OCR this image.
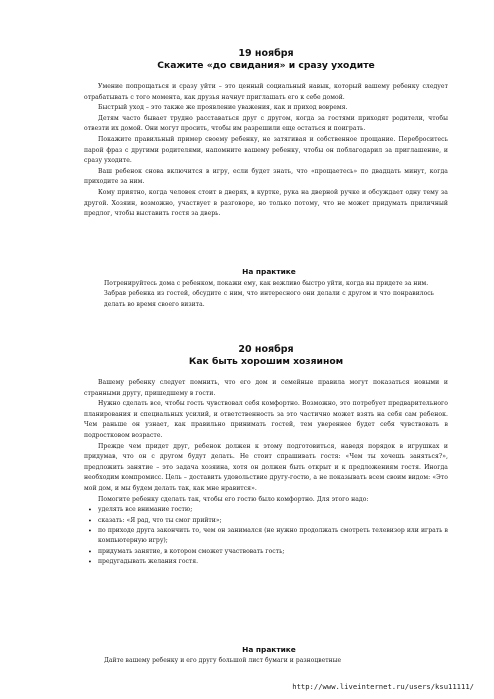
19 ноября
Скажите «до свидания» и сразу уходите

Умение попрощаться и сразу уйти – это ценный социальный навык, который вашему ребенку следует отрабатывать с того момента, как друзья начнут приглашать его к себе домой.

Быстрый уход – это также же проявление уважения, как и приход вовремя.

Детям часто бывает трудно расставаться друг с другом, когда за гостями приходят родители, чтобы отвезти их домой. Они могут просить, чтобы им разрешили еще остаться и поиграть.

Покажите правильный пример своему ребенку, не затягивая и собственное прощание. Переброситесь парой фраз с другими родителями, напомните вашему ребенку, чтобы он поблагодарил за приглашение, и сразу уходите.

Ваш ребенок снова включится в игру, если будет знать, что «прощаетесь» по двадцать минут, когда приходите за ним.

Кому приятно, когда человек стоит в дверях, в куртке, рука на дверной ручке и обсуждает одну тему за другой. Хозяин, возможно, участвует в разговоре, но только потому, что не может придумать приличный предлог, чтобы выставить гостя за дверь.

На практике

Потренируйтесь дома с ребенком, покажи ему, как вежливо быстро уйти, когда вы придете за ним.

Забрав ребенка из гостей, обсудите с ним, что интересного они делали с другом и что понравилось делать во время своего визита.

20 ноября
Как быть хорошим хозяином

Вашему ребенку следует помнить, что его дом и семейные правила могут показаться новыми и странными другу, пришедшему в гости.

Нужно сделать все, чтобы гость чувствовал себя комфортно. Возможно, это потребует предварительного планирования и специальных усилий, и ответственность за это частично может взять на себя сам ребенок. Чем раньше он узнает, как правильно принимать гостей, тем увереннее будет себя чувствовать в подростковом возрасте.

Прежде чем придет друг, ребенок должен к этому подготовиться, наведя порядок в игрушках и придумав, что он с другом будут делать. Не стоит спрашивать гостя: «Чем ты хочешь заняться?», предложить занятие – это задача хозяина, хотя он должен быть открыт и к предложениям гостя. Иногда необходим компромисс. Цель – доставить удовольствие другу-гостю, а не показывать всем своим видом: «Это мой дом, и мы будем делать так, как мне нравится».

Помогите ребенку сделать так, чтобы его гостю было комфортно. Для этого надо:

• уделять все внимание гостю;
• сказать: «Я рад, что ты смог прийти»;
• по приходе друга закончить то, чем он занимался (не нужно продолжать смотреть телевизор или играть в компьютерную игру);
• придумать занятие, в котором сможет участвовать гость;
• предугадывать желания гостя.
На практике

Дайте вашему ребенку и его другу большой лист бумаги и разноцветные

http://www.liveinternet.ru/users/ksu11111/
